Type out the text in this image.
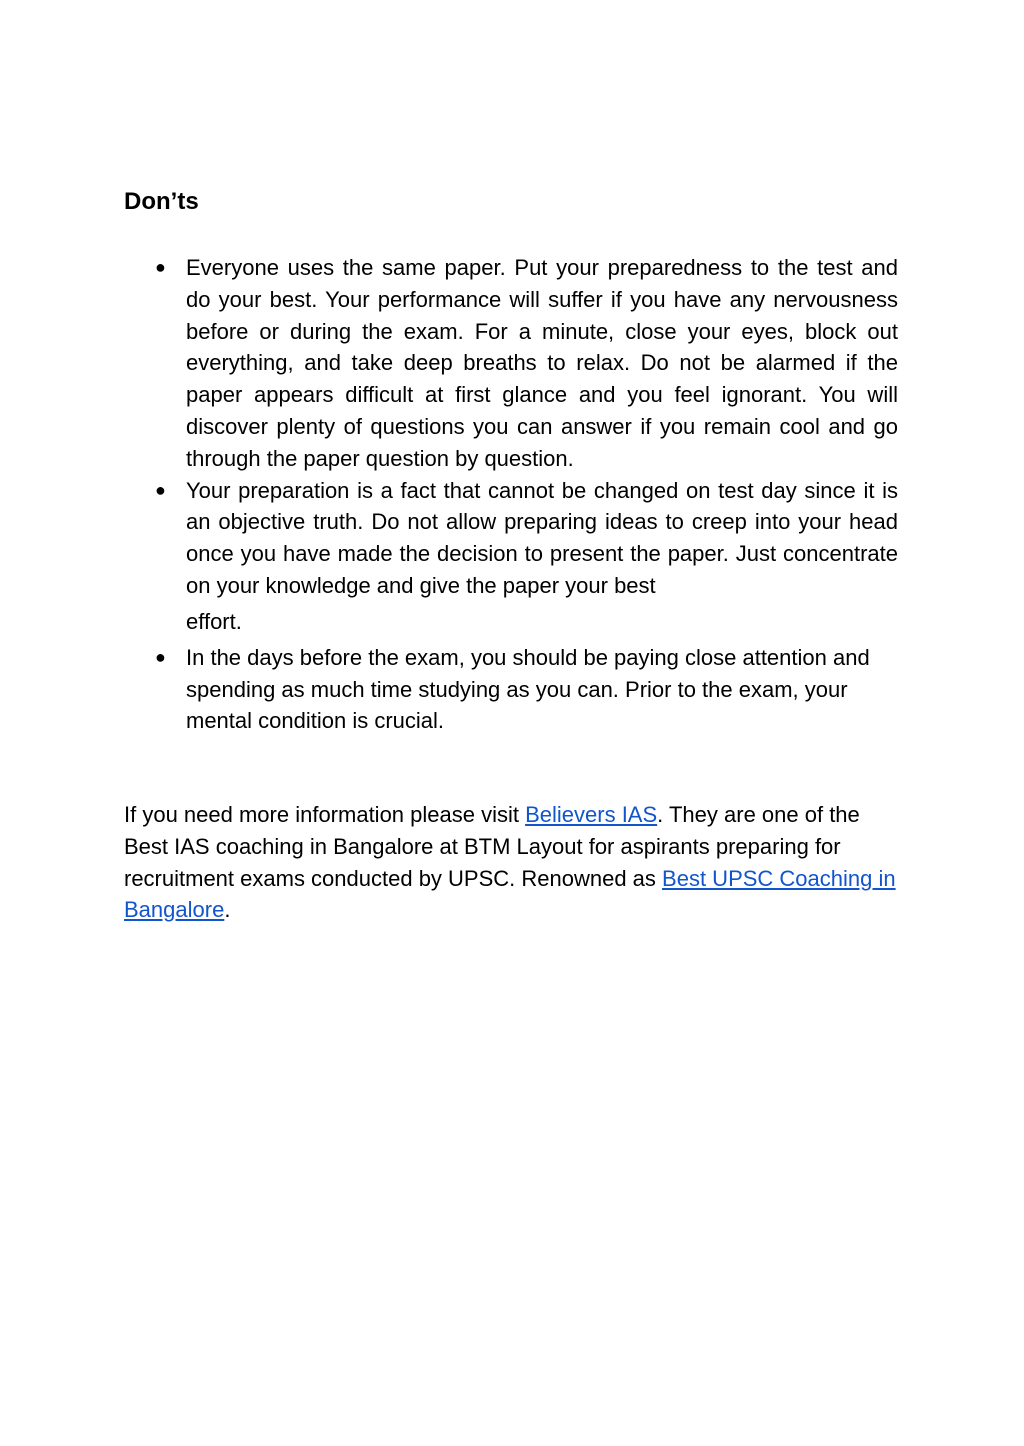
Don’ts
● Everyone uses the same paper. Put your preparedness to the test and do your best. Your performance will suffer if you have any nervousness before or during the exam. For a minute, close your eyes, block out everything, and take deep breaths to relax. Do not be alarmed if the paper appears difficult at first glance and you feel ignorant. You will discover plenty of questions you can answer if you remain cool and go through the paper question by question.
● Your preparation is a fact that cannot be changed on test day since it is an objective truth. Do not allow preparing ideas to creep into your head once you have made the decision to present the paper. Just concentrate on your knowledge and give the paper your best
effort.
● In the days before the exam, you should be paying close attention and spending as much time studying as you can. Prior to the exam, your mental condition is crucial.

If you need more information please visit Believers IAS. They are one of the Best IAS coaching in Bangalore at BTM Layout for aspirants preparing for recruitment exams conducted by UPSC. Renowned as Best UPSC Coaching in Bangalore.
